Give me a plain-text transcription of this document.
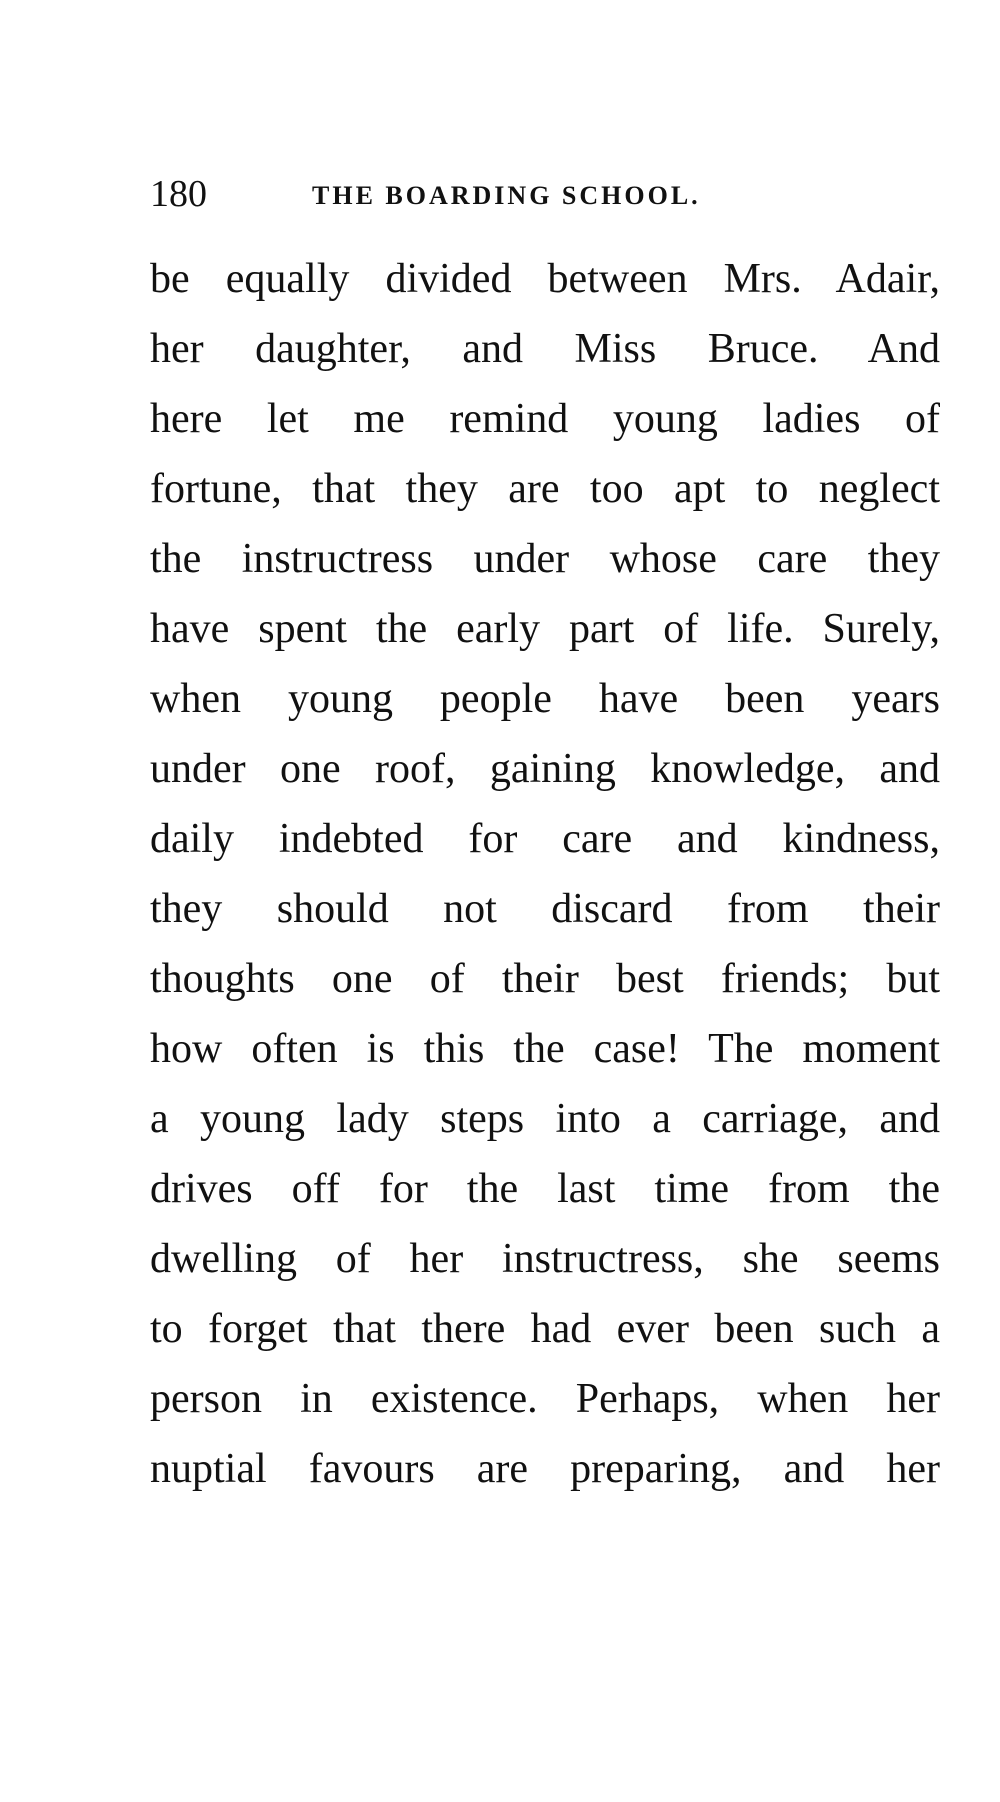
180	THE BOARDING SCHOOL.
be equally divided between Mrs. Adair,
her daughter, and Miss Bruce. And
here let me remind young ladies of
fortune, that they are too apt to neglect
the instructress under whose care they
have spent the early part of life. Surely,
when young people have been years
under one roof, gaining knowledge, and
daily indebted for care and kindness,
they should not discard from their
thoughts one of their best friends; but
how often is this the case! The moment
a young lady steps into a carriage, and
drives off for the last time from the
dwelling of her instructress, she seems
to forget that there had ever been such a
person in existence. Perhaps, when her
nuptial favours are preparing, and her
